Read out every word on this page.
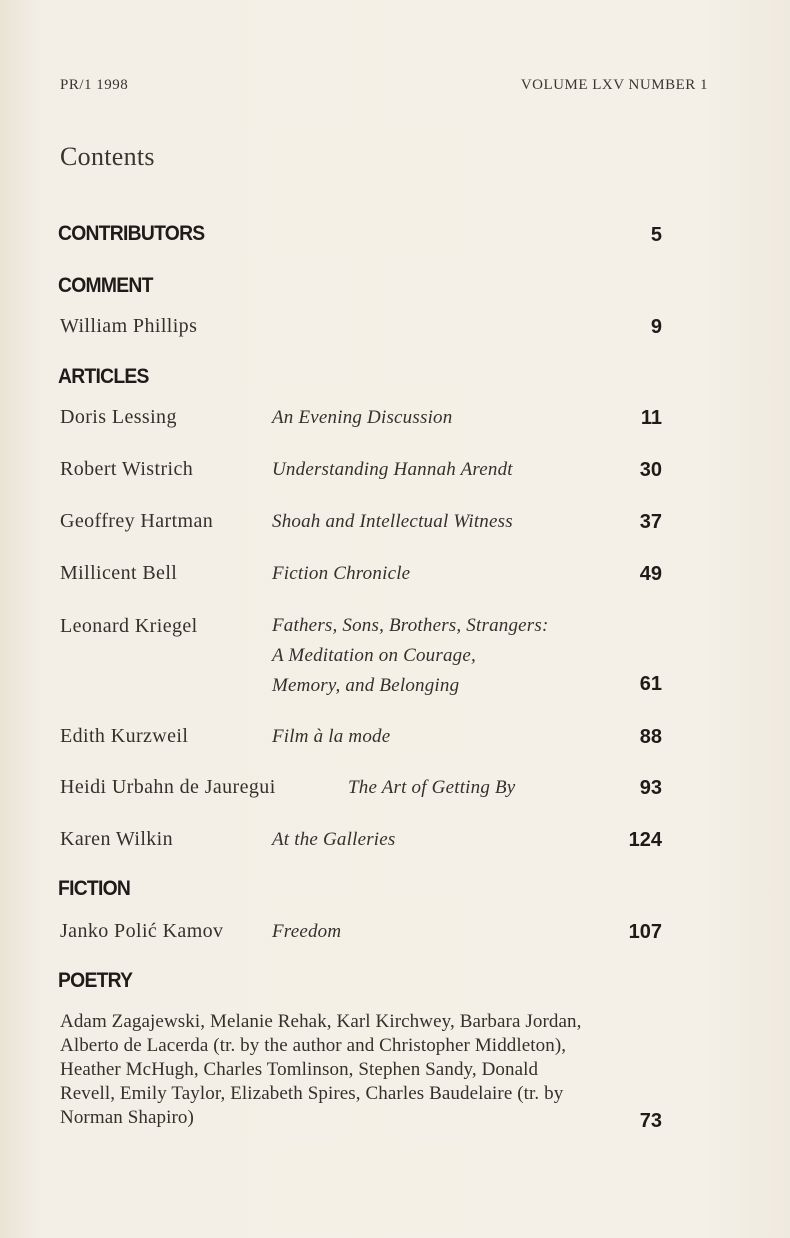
PR/1 1998	VOLUME LXV NUMBER 1
Contents
CONTRIBUTORS	5
COMMENT
William Phillips	9
ARTICLES
Doris Lessing	An Evening Discussion	11
Robert Wistrich	Understanding Hannah Arendt	30
Geoffrey Hartman	Shoah and Intellectual Witness	37
Millicent Bell	Fiction Chronicle	49
Leonard Kriegel	Fathers, Sons, Brothers, Strangers:
A Meditation on Courage,
Memory, and Belonging	61
Edith Kurzweil	Film à la mode	88
Heidi Urbahn de Jauregui	The Art of Getting By	93
Karen Wilkin	At the Galleries	124
FICTION
Janko Polić Kamov	Freedom	107
POETRY
Adam Zagajewski, Melanie Rehak, Karl Kirchwey, Barbara Jordan,
Alberto de Lacerda (tr. by the author and Christopher Middleton),
Heather McHugh, Charles Tomlinson, Stephen Sandy, Donald
Revell, Emily Taylor, Elizabeth Spires, Charles Baudelaire (tr. by
Norman Shapiro)	73
